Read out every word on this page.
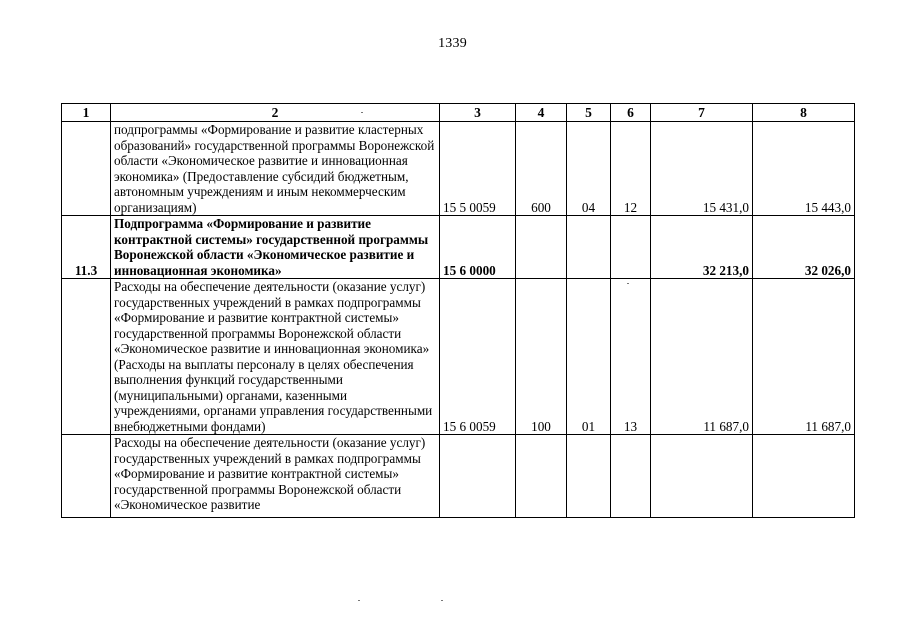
1339
1	2	3	4	5	6	7	8
	подпрограммы «Формирование и развитие кластерных образований» государственной программы Воронежской области «Экономическое развитие и инновационная экономика» (Предоставление субсидий бюджетным, автономным учреждениям и иным некоммерческим организациям)	15 5 0059	600	04	12	15 431,0	15 443,0
11.3	Подпрограмма «Формирование и развитие контрактной системы» государственной программы Воронежской области «Экономическое развитие и инновационная экономика»	15 6 0000				32 213,0	32 026,0
	Расходы на обеспечение деятельности (оказание услуг) государственных учреждений в рамках подпрограммы «Формирование и развитие контрактной системы» государственной программы Воронежской области «Экономическое развитие и инновационная экономика» (Расходы на выплаты персоналу в целях обеспечения выполнения функций государственными (муниципальными) органами, казенными учреждениями, органами управления государственными внебюджетными фондами)	15 6 0059	100	01	13	11 687,0	11 687,0

	Расходы на обеспечение деятельности (оказание услуг) государственных учреждений в рамках подпрограммы «Формирование и развитие контрактной системы» государственной программы Воронежской области «Экономическое развитие						
